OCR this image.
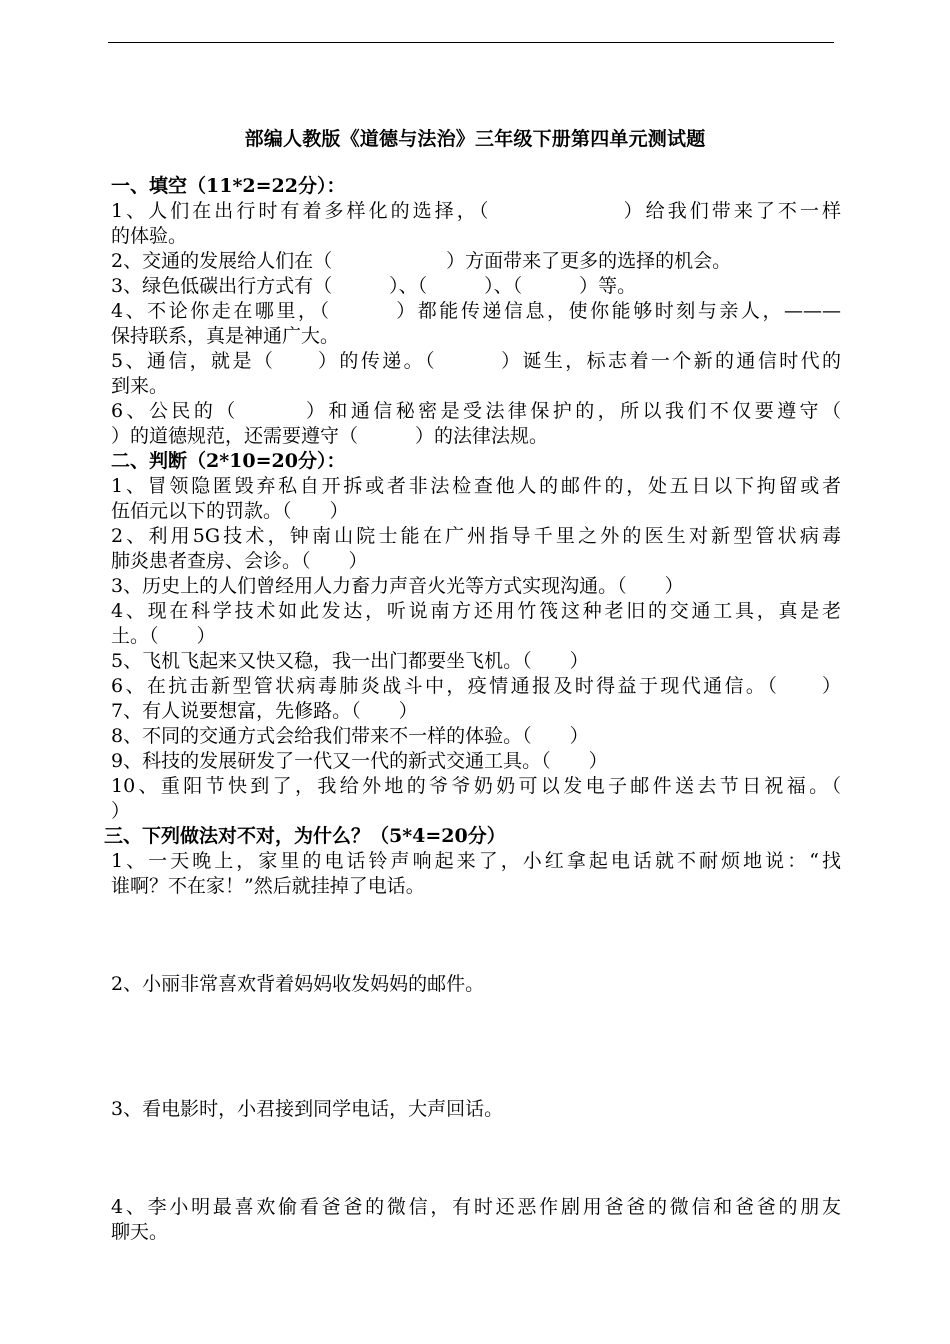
部编人教版《道德与法治》三年级下册第四单元测试题
一、填空（11*2=22分）：
1、人们在出行时有着多样化的选择，（　　　　　　）给我们带来了不一样
的体验。
2、交通的发展给人们在（　　　　　　）方面带来了更多的选择的机会。
3、绿色低碳出行方式有（　　　）、（　　　）、（　　　）等。
4、不论你走在哪里，（　　　）都能传递信息，使你能够时刻与亲人，———
保持联系，真是神通广大。
5、通信，就是（　　）的传递。（　　　）诞生，标志着一个新的通信时代的
到来。
6、公民的（　　　）和通信秘密是受法律保护的，所以我们不仅要遵守（
）的道德规范，还需要遵守（　　　）的法律法规。
二、判断（2*10=20分）：
1、冒领隐匿毁弃私自开拆或者非法检查他人的邮件的，处五日以下拘留或者
伍佰元以下的罚款。（　　）
2、利用5G技术，钟南山院士能在广州指导千里之外的医生对新型管状病毒
肺炎患者查房、会诊。（　　）
3、历史上的人们曾经用人力畜力声音火光等方式实现沟通。（　　）
4、现在科学技术如此发达，听说南方还用竹筏这种老旧的交通工具，真是老
土。（　　）
5、飞机飞起来又快又稳，我一出门都要坐飞机。（　　）
6、在抗击新型管状病毒肺炎战斗中，疫情通报及时得益于现代通信。（　　）
7、有人说要想富，先修路。（　　）
8、不同的交通方式会给我们带来不一样的体验。（　　）
9、科技的发展研发了一代又一代的新式交通工具。（　　）
10、重阳节快到了，我给外地的爷爷奶奶可以发电子邮件送去节日祝福。（
）
三、下列做法对不对，为什么？（5*4=20分）
1、一天晚上，家里的电话铃声响起来了，小红拿起电话就不耐烦地说：“找
谁啊？不在家！”然后就挂掉了电话。
2、小丽非常喜欢背着妈妈收发妈妈的邮件。
3、看电影时，小君接到同学电话，大声回话。
4、李小明最喜欢偷看爸爸的微信，有时还恶作剧用爸爸的微信和爸爸的朋友
聊天。
